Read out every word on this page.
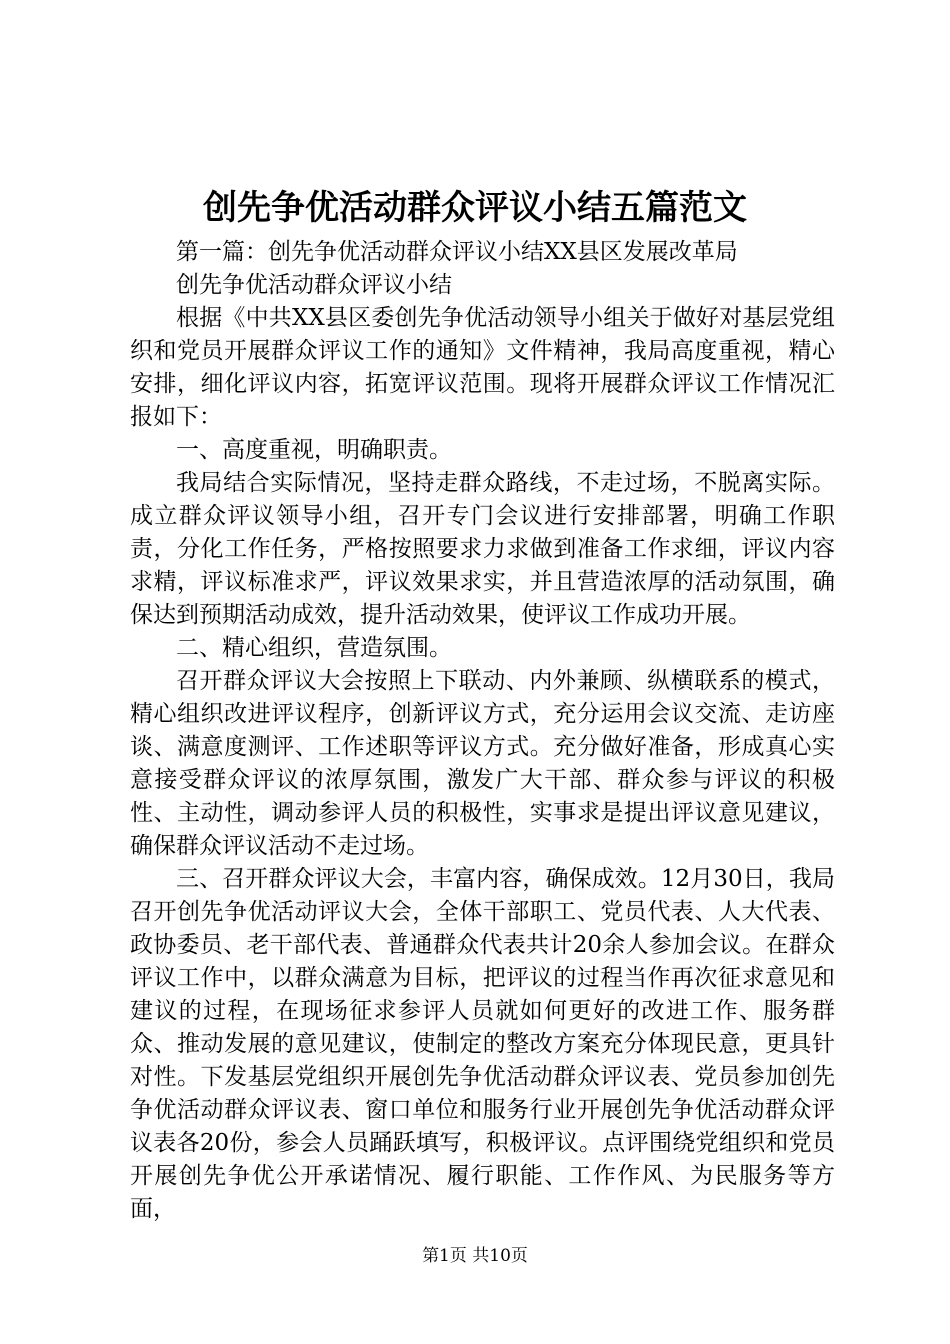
创先争优活动群众评议小结五篇范文

第一篇：创先争优活动群众评议小结XX县区发展改革局

创先争优活动群众评议小结

根据《中共XX县区委创先争优活动领导小组关于做好对基层党组织和党员开展群众评议工作的通知》文件精神，我局高度重视，精心安排，细化评议内容，拓宽评议范围。现将开展群众评议工作情况汇报如下：

一、高度重视，明确职责。

我局结合实际情况，坚持走群众路线，不走过场，不脱离实际。成立群众评议领导小组，召开专门会议进行安排部署，明确工作职责，分化工作任务，严格按照要求力求做到准备工作求细，评议内容求精，评议标准求严，评议效果求实，并且营造浓厚的活动氛围，确保达到预期活动成效，提升活动效果，使评议工作成功开展。

二、精心组织，营造氛围。

召开群众评议大会按照上下联动、内外兼顾、纵横联系的模式，精心组织改进评议程序，创新评议方式，充分运用会议交流、走访座谈、满意度测评、工作述职等评议方式。充分做好准备，形成真心实意接受群众评议的浓厚氛围，激发广大干部、群众参与评议的积极性、主动性，调动参评人员的积极性，实事求是提出评议意见建议，确保群众评议活动不走过场。

三、召开群众评议大会，丰富内容，确保成效。12月30日，我局召开创先争优活动评议大会，全体干部职工、党员代表、人大代表、政协委员、老干部代表、普通群众代表共计20余人参加会议。在群众评议工作中，以群众满意为目标，把评议的过程当作再次征求意见和建议的过程，在现场征求参评人员就如何更好的改进工作、服务群众、推动发展的意见建议，使制定的整改方案充分体现民意，更具针对性。下发基层党组织开展创先争优活动群众评议表、党员参加创先争优活动群众评议表、窗口单位和服务行业开展创先争优活动群众评议表各20份，参会人员踊跃填写，积极评议。点评围绕党组织和党员开展创先争优公开承诺情况、履行职能、工作作风、为民服务等方面，

第1页 共10页
